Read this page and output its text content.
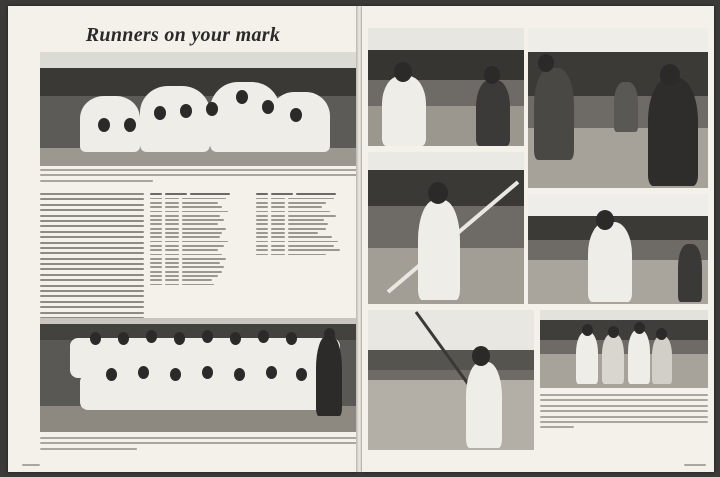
Runners on your mark
